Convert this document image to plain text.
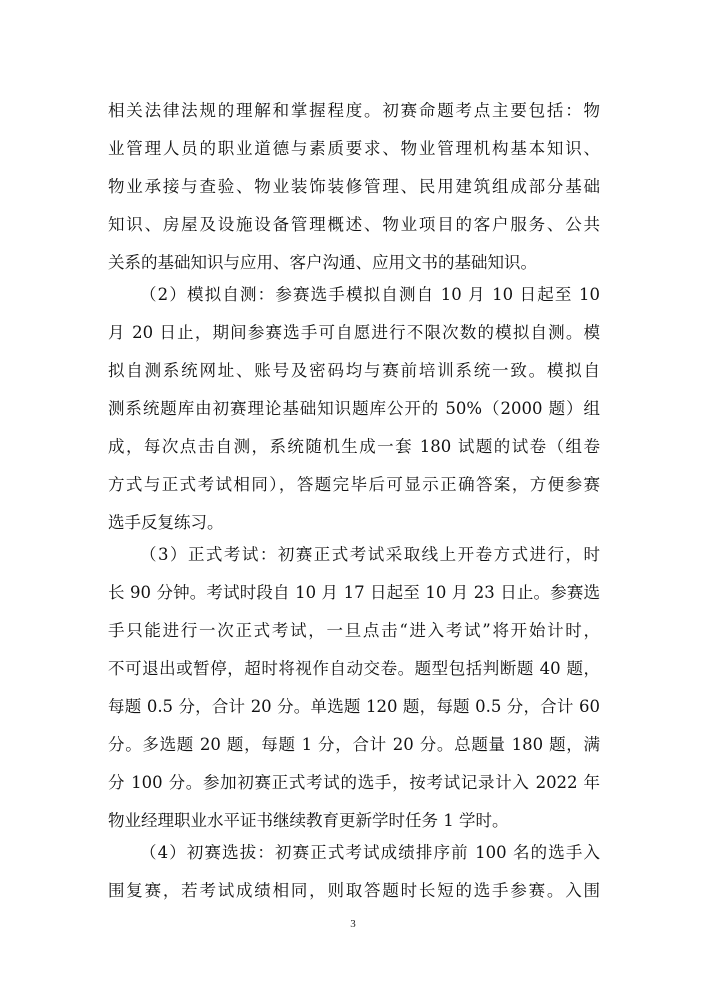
相关法律法规的理解和掌握程度。初赛命题考点主要包括：物
业管理人员的职业道德与素质要求、物业管理机构基本知识、
物业承接与查验、物业装饰装修管理、民用建筑组成部分基础
知识、房屋及设施设备管理概述、物业项目的客户服务、公共
关系的基础知识与应用、客户沟通、应用文书的基础知识。
（2）模拟自测：参赛选手模拟自测自 10 月 10 日起至 10
月 20 日止，期间参赛选手可自愿进行不限次数的模拟自测。模
拟自测系统网址、账号及密码均与赛前培训系统一致。模拟自
测系统题库由初赛理论基础知识题库公开的 50%（2000 题）组
成，每次点击自测，系统随机生成一套 180 试题的试卷（组卷
方式与正式考试相同），答题完毕后可显示正确答案，方便参赛
选手反复练习。
（3）正式考试：初赛正式考试采取线上开卷方式进行，时
长 90 分钟。考试时段自 10 月 17 日起至 10 月 23 日止。参赛选
手只能进行一次正式考试，一旦点击“进入考试”将开始计时，
不可退出或暂停，超时将视作自动交卷。题型包括判断题 40 题，
每题 0.5 分，合计 20 分。单选题 120 题，每题 0.5 分，合计 60
分。多选题 20 题，每题 1 分，合计 20 分。总题量 180 题，满
分 100 分。参加初赛正式考试的选手，按考试记录计入 2022 年
物业经理职业水平证书继续教育更新学时任务 1 学时。
（4）初赛选拔：初赛正式考试成绩排序前 100 名的选手入
围复赛，若考试成绩相同，则取答题时长短的选手参赛。入围
3
